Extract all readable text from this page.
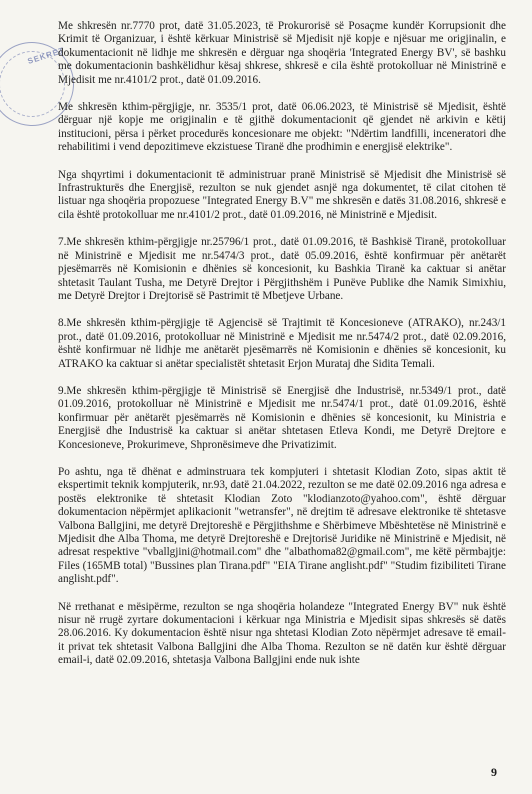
SEKRET

Me shkresën nr.7770 prot, datë 31.05.2023, të Prokurorisë së Posaçme kundër Korrupsionit dhe Krimit të Organizuar, i është kërkuar Ministrisë së Mjedisit një kopje e njësuar me origjinalin, e dokumentacionit në lidhje me shkresën e dërguar nga shoqëria 'Integrated Energy BV', së bashku me dokumentacionin bashkëlidhur kësaj shkrese, shkresë e cila është protokolluar në Ministrinë e Mjedisit me nr.4101/2 prot., datë 01.09.2016.

Me shkresën kthim-përgjigje, nr. 3535/1 prot, datë 06.06.2023, të Ministrisë së Mjedisit, është dërguar një kopje me origjinalin e të gjithë dokumentacionit që gjendet në arkivin e këtij institucioni, përsa i përket procedurës koncesionare me objekt: "Ndërtim landfilli, inceneratori dhe rehabilitimi i vend depozitimeve ekzistuese Tiranë dhe prodhimin e energjisë elektrike".

Nga shqyrtimi i dokumentacionit të administruar pranë Ministrisë së Mjedisit dhe Ministrisë së Infrastrukturës dhe Energjisë, rezulton se nuk gjendet asnjë nga dokumentet, të cilat citohen të listuar nga shoqëria propozuese "Integrated Energy B.V" me shkresën e datës 31.08.2016, shkresë e cila është protokolluar me nr.4101/2 prot., datë 01.09.2016, në Ministrinë e Mjedisit.

7.Me shkresën kthim-përgjigje nr.25796/1 prot., datë 01.09.2016, të Bashkisë Tiranë, protokolluar në Ministrinë e Mjedisit me nr.5474/3 prot., datë 05.09.2016, është konfirmuar për anëtarët pjesëmarrës në Komisionin e dhënies së koncesionit, ku Bashkia Tiranë ka caktuar si anëtar shtetasit Taulant Tusha, me Detyrë Drejtor i Përgjithshëm i Punëve Publike dhe Namik Simixhiu, me Detyrë Drejtor i Drejtorisë së Pastrimit të Mbetjeve Urbane.

8.Me shkresën kthim-përgjigje të Agjencisë së Trajtimit të Koncesioneve (ATRAKO), nr.243/1 prot., datë 01.09.2016, protokolluar në Ministrinë e Mjedisit me nr.5474/2 prot., datë 02.09.2016, është konfirmuar në lidhje me anëtarët pjesëmarrës në Komisionin e dhënies së koncesionit, ku ATRAKO ka caktuar si anëtar specialistët shtetasit Erjon Murataj dhe Sidita Temali.

9.Me shkresën kthim-përgjigje të Ministrisë së Energjisë dhe Industrisë, nr.5349/1 prot., datë 01.09.2016, protokolluar në Ministrinë e Mjedisit me nr.5474/1 prot., datë 01.09.2016, është konfirmuar për anëtarët pjesëmarrës në Komisionin e dhënies së koncesionit, ku Ministria e Energjisë dhe Industrisë ka caktuar si anëtar shtetasen Etleva Kondi, me Detyrë Drejtore e Koncesioneve, Prokurimeve, Shpronësimeve dhe Privatizimit.

Po ashtu, nga të dhënat e adminstruara tek kompjuteri i shtetasit Klodian Zoto, sipas aktit të ekspertimit teknik kompjuterik, nr.93, datë 21.04.2022, rezulton se me datë 02.09.2016 nga adresa e postës elektronike të shtetasit Klodian Zoto "klodianzoto@yahoo.com", është dërguar dokumentacion nëpërmjet aplikacionit "wetransfer", në drejtim të adresave elektronike të shtetasve Valbona Ballgjini, me detyrë Drejtoreshë e Përgjithshme e Shërbimeve Mbështetëse në Ministrinë e Mjedisit dhe Alba Thoma, me detyrë Drejtoreshë e Drejtorisë Juridike në Ministrinë e Mjedisit, në adresat respektive "vballgjini@hotmail.com" dhe "albathoma82@gmail.com", me këtë përmbajtje: Files (165MB total) "Bussines plan Tirana.pdf" "EIA Tirane anglisht.pdf" "Studim fizibiliteti Tirane anglisht.pdf".

Në rrethanat e mësipërme, rezulton se nga shoqëria holandeze "Integrated Energy BV" nuk është nisur në rrugë zyrtare dokumentacioni i kërkuar nga Ministria e Mjedisit sipas shkresës së datës 28.06.2016. Ky dokumentacion është nisur nga shtetasi Klodian Zoto nëpërmjet adresave të email-it privat tek shtetasit Valbona Ballgjini dhe Alba Thoma. Rezulton se në datën kur është dërguar email-i, datë 02.09.2016, shtetasja Valbona Ballgjini ende nuk ishte

9
